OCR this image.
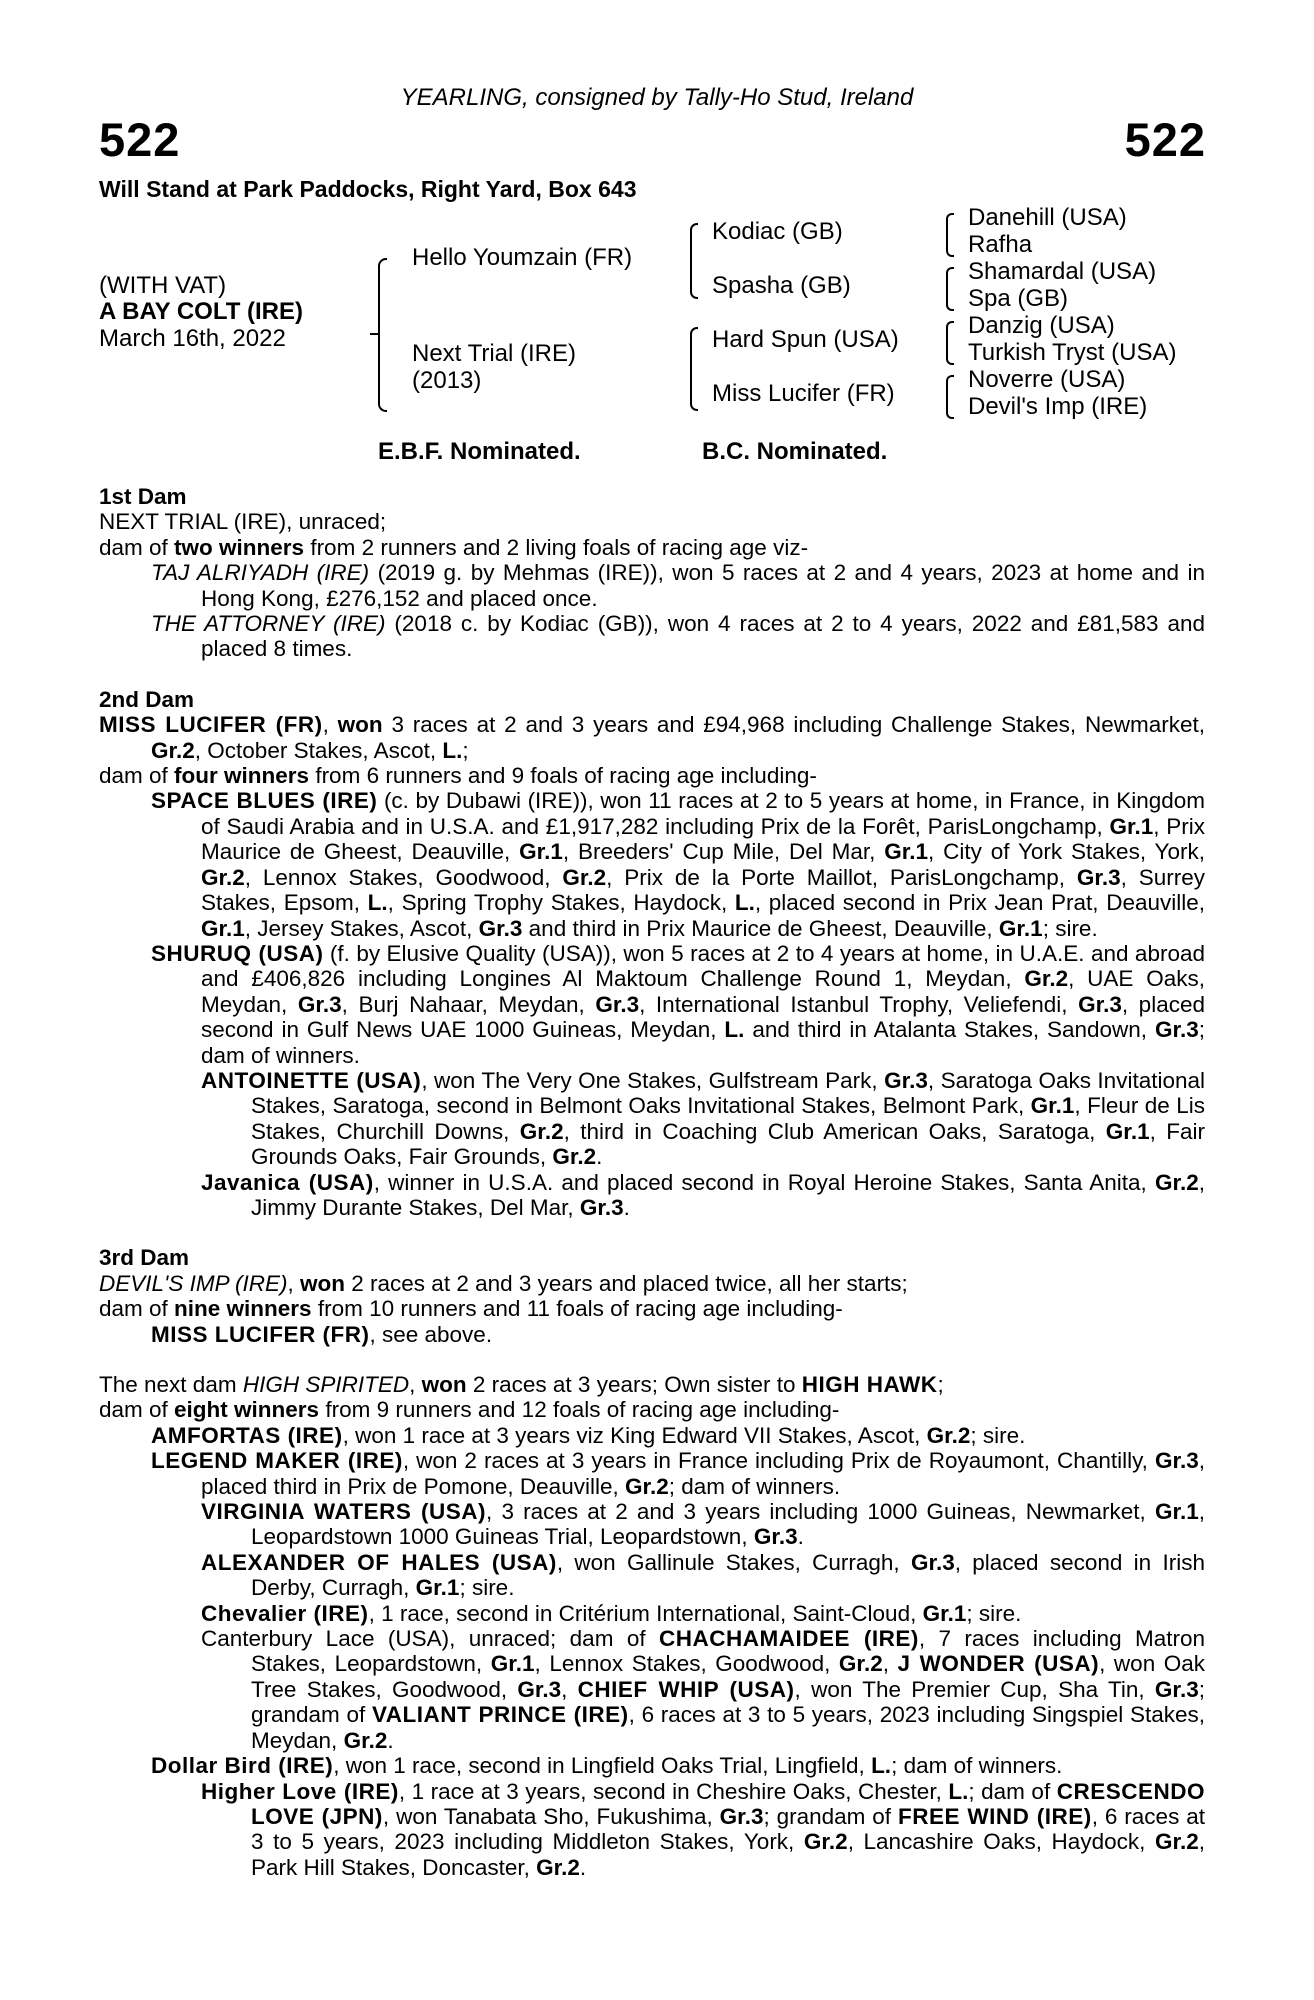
YEARLING, consigned by Tally-Ho Stud, Ireland
522	522
Will Stand at Park Paddocks, Right Yard, Box 643
(WITH VAT)
A BAY COLT (IRE)
March 16th, 2022
Hello Youmzain (FR)
Next Trial (IRE)
(2013)
Kodiac (GB)
Spasha (GB)
Hard Spun (USA)
Miss Lucifer (FR)
Danehill (USA)
Rafha
Shamardal (USA)
Spa (GB)
Danzig (USA)
Turkish Tryst (USA)
Noverre (USA)
Devil's Imp (IRE)
E.B.F. Nominated.	B.C. Nominated.

1st Dam

NEXT TRIAL (IRE), unraced;

dam of two winners from 2 runners and 2 living foals of racing age viz-

TAJ ALRIYADH (IRE) (2019 g. by Mehmas (IRE)), won 5 races at 2 and 4 years, 2023 at home and in Hong Kong, £276,152 and placed once.

THE ATTORNEY (IRE) (2018 c. by Kodiac (GB)), won 4 races at 2 to 4 years, 2022 and £81,583 and placed 8 times.

2nd Dam

MISS LUCIFER (FR), won 3 races at 2 and 3 years and £94,968 including Challenge Stakes, Newmarket, Gr.2, October Stakes, Ascot, L.;

dam of four winners from 6 runners and 9 foals of racing age including-

SPACE BLUES (IRE) (c. by Dubawi (IRE)), won 11 races at 2 to 5 years at home, in France, in Kingdom of Saudi Arabia and in U.S.A. and £1,917,282 including Prix de la Forêt, ParisLongchamp, Gr.1, Prix Maurice de Gheest, Deauville, Gr.1, Breeders' Cup Mile, Del Mar, Gr.1, City of York Stakes, York, Gr.2, Lennox Stakes, Goodwood, Gr.2, Prix de la Porte Maillot, ParisLongchamp, Gr.3, Surrey Stakes, Epsom, L., Spring Trophy Stakes, Haydock, L., placed second in Prix Jean Prat, Deauville, Gr.1, Jersey Stakes, Ascot, Gr.3 and third in Prix Maurice de Gheest, Deauville, Gr.1; sire.

SHURUQ (USA) (f. by Elusive Quality (USA)), won 5 races at 2 to 4 years at home, in U.A.E. and abroad and £406,826 including Longines Al Maktoum Challenge Round 1, Meydan, Gr.2, UAE Oaks, Meydan, Gr.3, Burj Nahaar, Meydan, Gr.3, International Istanbul Trophy, Veliefendi, Gr.3, placed second in Gulf News UAE 1000 Guineas, Meydan, L. and third in Atalanta Stakes, Sandown, Gr.3; dam of winners.

ANTOINETTE (USA), won The Very One Stakes, Gulfstream Park, Gr.3, Saratoga Oaks Invitational Stakes, Saratoga, second in Belmont Oaks Invitational Stakes, Belmont Park, Gr.1, Fleur de Lis Stakes, Churchill Downs, Gr.2, third in Coaching Club American Oaks, Saratoga, Gr.1, Fair Grounds Oaks, Fair Grounds, Gr.2.

Javanica (USA), winner in U.S.A. and placed second in Royal Heroine Stakes, Santa Anita, Gr.2, Jimmy Durante Stakes, Del Mar, Gr.3.

3rd Dam

DEVIL'S IMP (IRE), won 2 races at 2 and 3 years and placed twice, all her starts;

dam of nine winners from 10 runners and 11 foals of racing age including-

MISS LUCIFER (FR), see above.

The next dam HIGH SPIRITED, won 2 races at 3 years; Own sister to HIGH HAWK;

dam of eight winners from 9 runners and 12 foals of racing age including-

AMFORTAS (IRE), won 1 race at 3 years viz King Edward VII Stakes, Ascot, Gr.2; sire.

LEGEND MAKER (IRE), won 2 races at 3 years in France including Prix de Royaumont, Chantilly, Gr.3, placed third in Prix de Pomone, Deauville, Gr.2; dam of winners.

VIRGINIA WATERS (USA), 3 races at 2 and 3 years including 1000 Guineas, Newmarket, Gr.1, Leopardstown 1000 Guineas Trial, Leopardstown, Gr.3.

ALEXANDER OF HALES (USA), won Gallinule Stakes, Curragh, Gr.3, placed second in Irish Derby, Curragh, Gr.1; sire.

Chevalier (IRE), 1 race, second in Critérium International, Saint-Cloud, Gr.1; sire.

Canterbury Lace (USA), unraced; dam of CHACHAMAIDEE (IRE), 7 races including Matron Stakes, Leopardstown, Gr.1, Lennox Stakes, Goodwood, Gr.2, J WONDER (USA), won Oak Tree Stakes, Goodwood, Gr.3, CHIEF WHIP (USA), won The Premier Cup, Sha Tin, Gr.3; grandam of VALIANT PRINCE (IRE), 6 races at 3 to 5 years, 2023 including Singspiel Stakes, Meydan, Gr.2.

Dollar Bird (IRE), won 1 race, second in Lingfield Oaks Trial, Lingfield, L.; dam of winners.

Higher Love (IRE), 1 race at 3 years, second in Cheshire Oaks, Chester, L.; dam of CRESCENDO LOVE (JPN), won Tanabata Sho, Fukushima, Gr.3; grandam of FREE WIND (IRE), 6 races at 3 to 5 years, 2023 including Middleton Stakes, York, Gr.2, Lancashire Oaks, Haydock, Gr.2, Park Hill Stakes, Doncaster, Gr.2.
